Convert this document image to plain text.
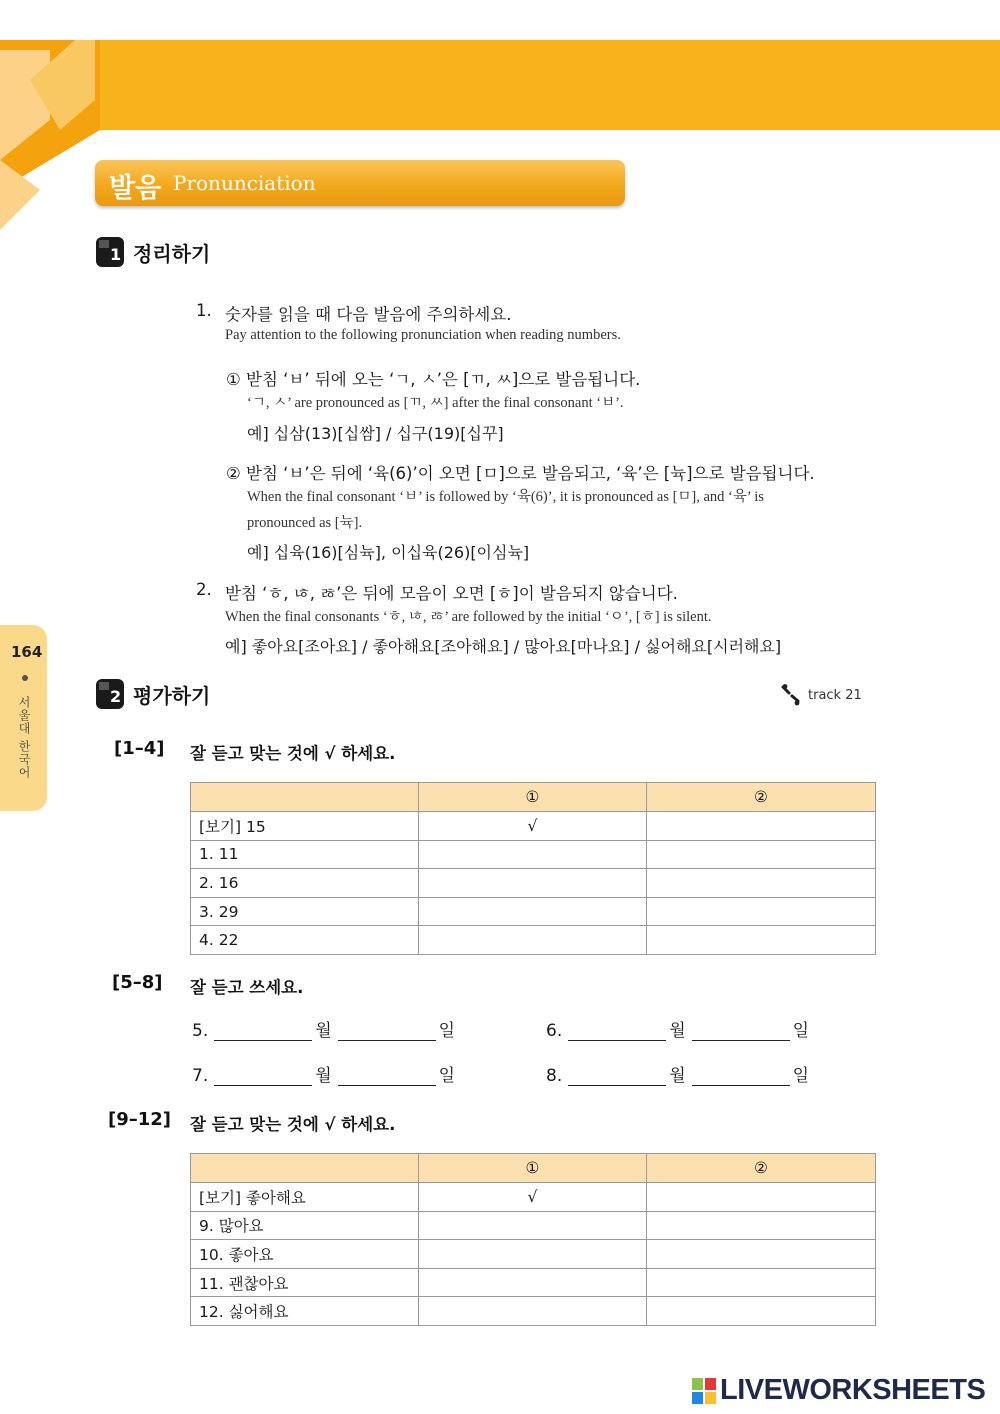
발음 Pronunciation
1 정리하기
1. 숫자를 읽을 때 다음 발음에 주의하세요.
Pay attention to the following pronunciation when reading numbers.
① 받침 ‘ㅂ’ 뒤에 오는 ‘ㄱ, ㅅ’은 [ㄲ, ㅆ]으로 발음됩니다.
‘ㄱ, ㅅ’ are pronounced as [ㄲ, ㅆ] after the final consonant ‘ㅂ’.
예] 십삼(13)[십쌈] / 십구(19)[십꾸]
② 받침 ‘ㅂ’은 뒤에 ‘육(6)’이 오면 [ㅁ]으로 발음되고, ‘육’은 [뉵]으로 발음됩니다.
When the final consonant ‘ㅂ’ is followed by ‘육(6)’, it is pronounced as [ㅁ], and ‘육’ is
pronounced as [뉵].
예] 십육(16)[심뉵], 이십육(26)[이심뉵]
2. 받침 ‘ㅎ, ㄶ, ㅀ’은 뒤에 모음이 오면 [ㅎ]이 발음되지 않습니다.
When the final consonants ‘ㅎ, ㄶ, ㅀ’ are followed by the initial ‘ㅇ’, [ㅎ] is silent.
예] 좋아요[조아요] / 좋아해요[조아해요] / 많아요[마나요] / 싫어해요[시러해요]
2 평가하기	track 21
[1–4] 잘 듣고 맞는 것에 √ 하세요.
	①	②
[보기] 15	√	
1. 11		
2. 16		
3. 29		
4. 22		
[5–8] 잘 듣고 쓰세요.
5.	월	일	6.	월	일
7.	월	일	8.	월	일
[9–12] 잘 듣고 맞는 것에 √ 하세요.
	①	②
[보기] 좋아해요	√	
9. 많아요		
10. 좋아요		
11. 괜찮아요		
12. 싫어해요		
164
서울대 한국어
LIVEWORKSHEETS
